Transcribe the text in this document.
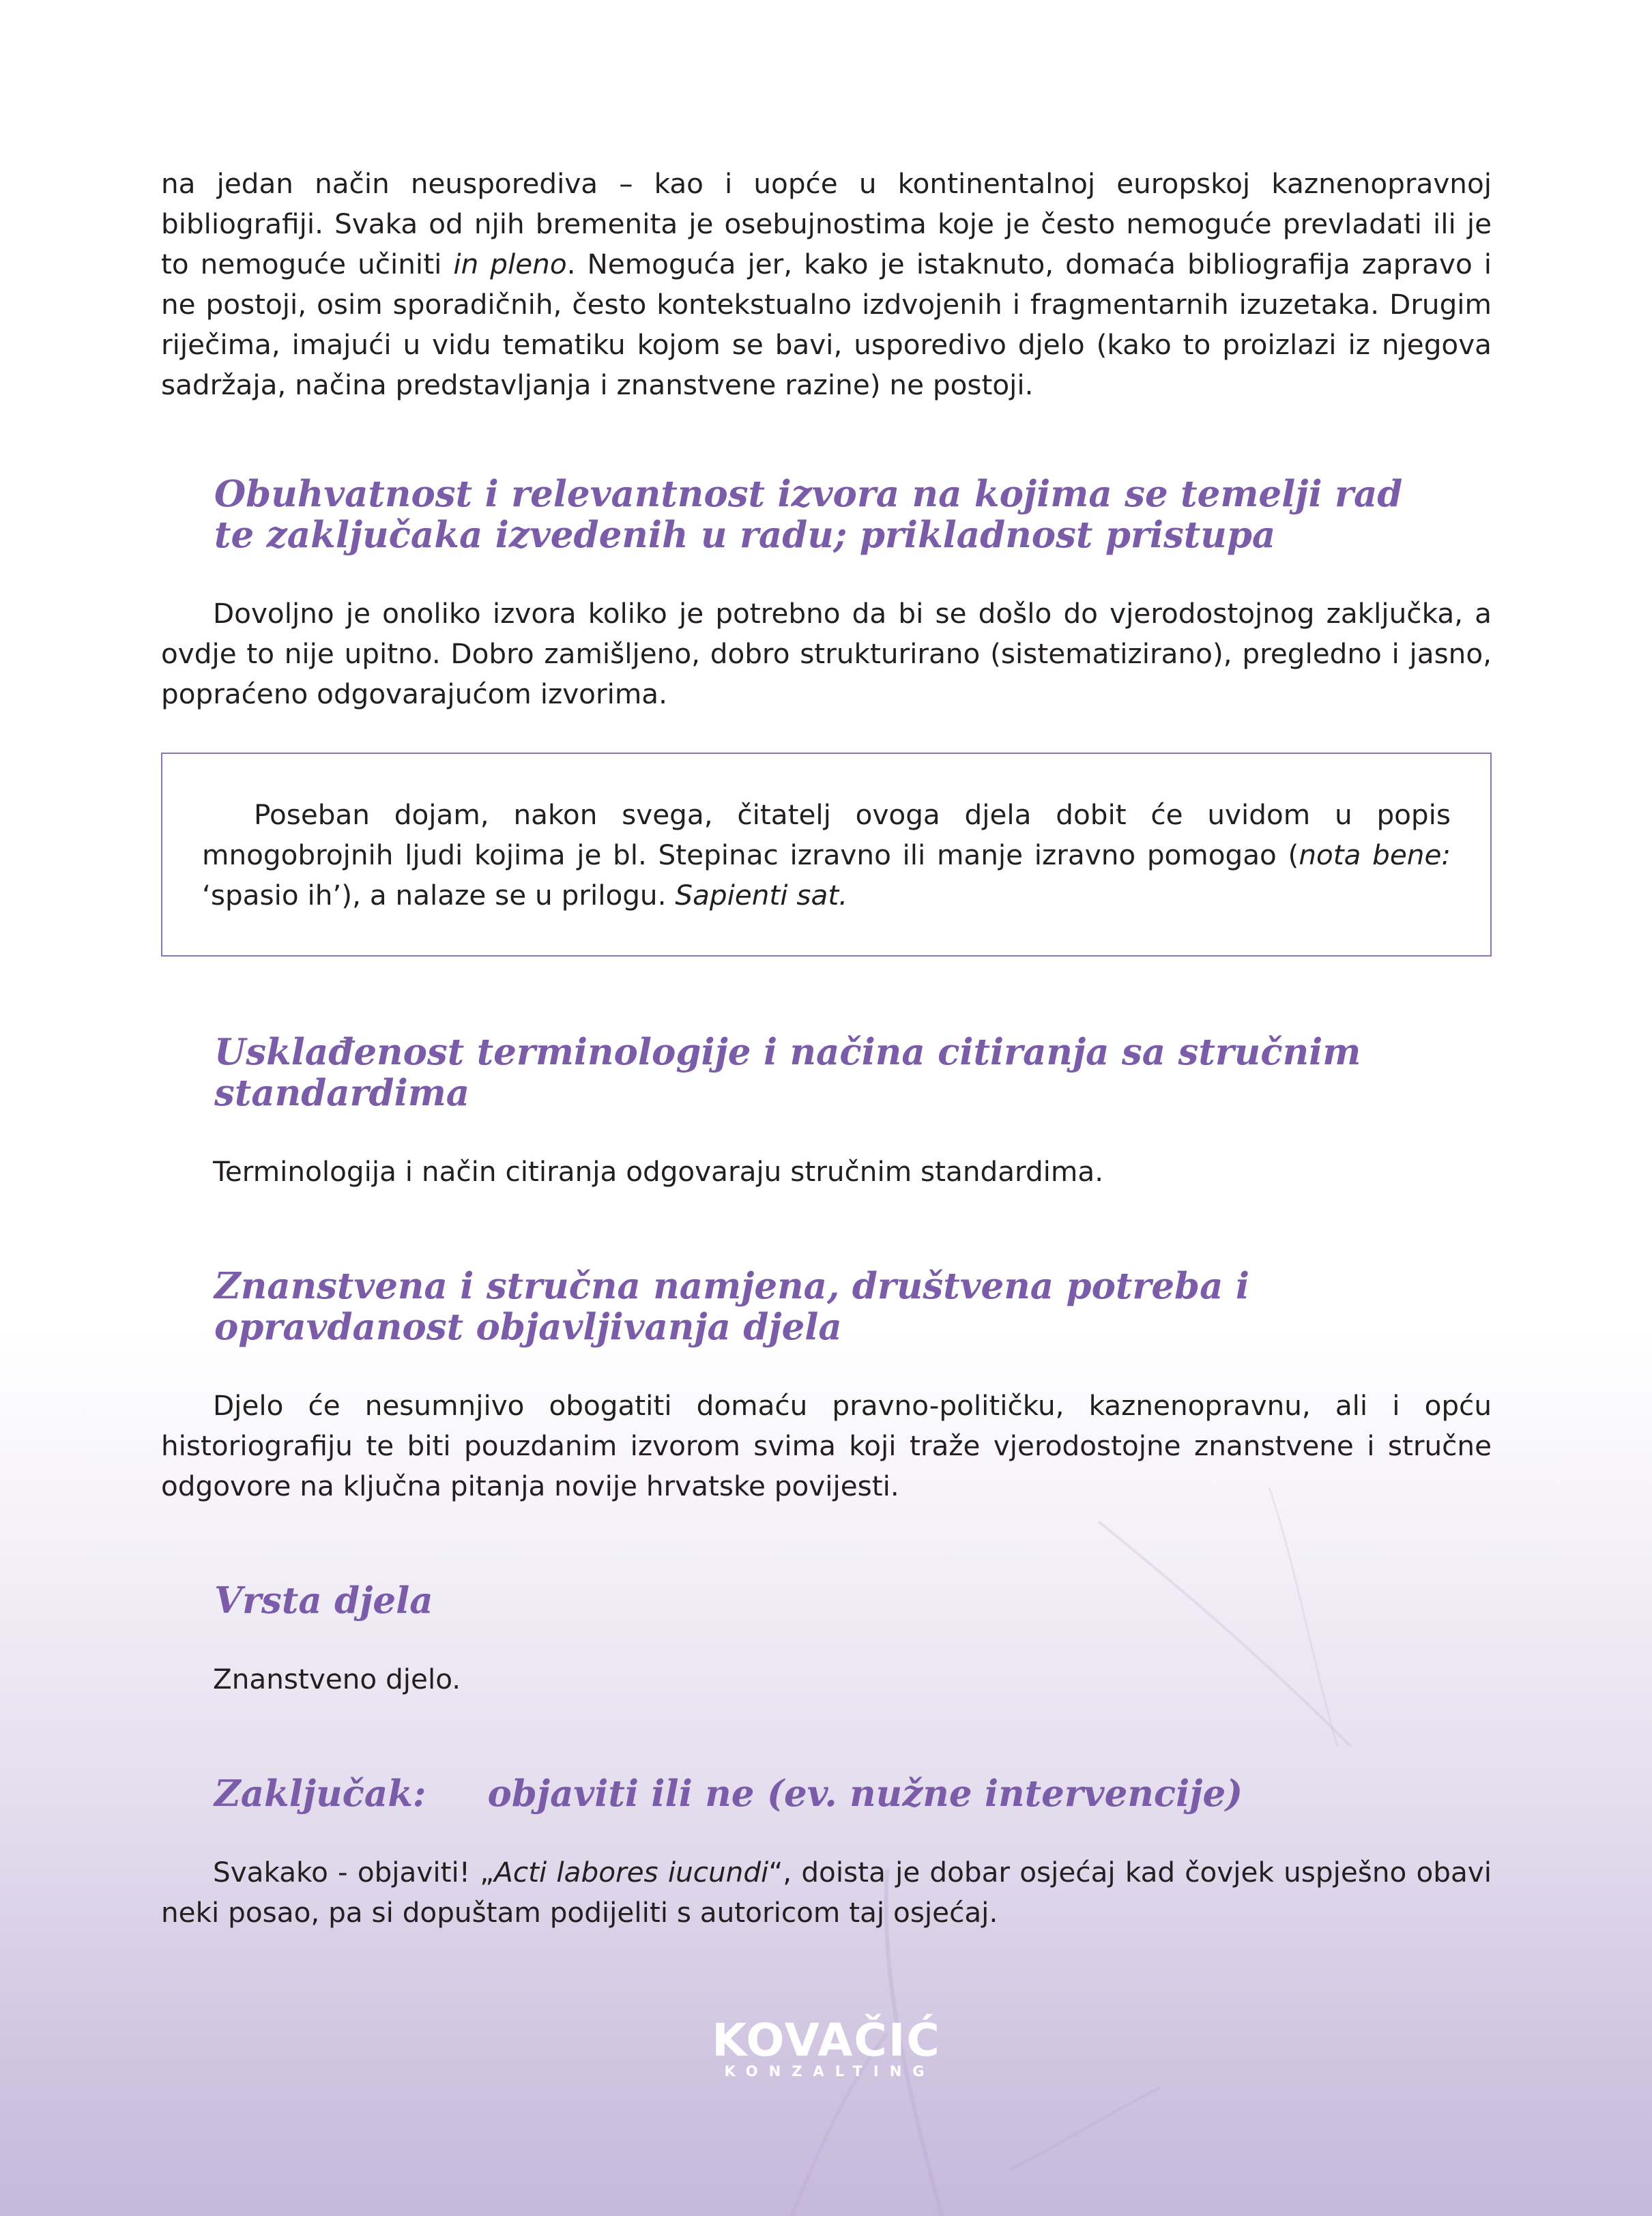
na jedan način neusporediva – kao i uopće u kontinentalnoj europskoj kaznenopravnoj bibliografiji. Svaka od njih bremenita je osebujnostima koje je često nemoguće prevladati ili je to nemoguće učiniti in pleno. Nemoguća jer, kako je istaknuto, domaća bibliografija zapravo i ne postoji, osim sporadičnih, često kontekstualno izdvojenih i fragmentarnih izuzetaka. Drugim riječima, imajući u vidu tematiku kojom se bavi, usporedivo djelo (kako to proizlazi iz njegova sadržaja, načina predstavljanja i znanstvene razine) ne postoji.

Obuhvatnost i relevantnost izvora na kojima se temelji rad
te zaključaka izvedenih u radu; prikladnost pristupa

Dovoljno je onoliko izvora koliko je potrebno da bi se došlo do vjerodostojnog zaključka, a ovdje to nije upitno. Dobro zamišljeno, dobro strukturirano (sistematizirano), pregledno i jasno, popraćeno odgovarajućom izvorima.

Poseban dojam, nakon svega, čitatelj ovoga djela dobit će uvidom u popis mnogobrojnih ljudi kojima je bl. Stepinac izravno ili manje izravno pomogao (nota bene: ‘spasio ih’), a nalaze se u prilogu. Sapienti sat.

Usklađenost terminologije i načina citiranja sa stručnim standardima

Terminologija i način citiranja odgovaraju stručnim standardima.

Znanstvena i stručna namjena, društvena potreba i
opravdanost objavljivanja djela

Djelo će nesumnjivo obogatiti domaću pravno-političku, kaznenopravnu, ali i opću historiografiju te biti pouzdanim izvorom svima koji traže vjerodostojne znanstvene i stručne odgovore na ključna pitanja novije hrvatske povijesti.

Vrsta djela

Znanstveno djelo.

Zaključak: objaviti ili ne (ev. nužne intervencije)

Svakako - objaviti! „Acti labores iucundi“, doista je dobar osjećaj kad čovjek uspješno obavi neki posao, pa si dopuštam podijeliti s autoricom taj osjećaj.

KOVAČIĆ
KONZALTING
